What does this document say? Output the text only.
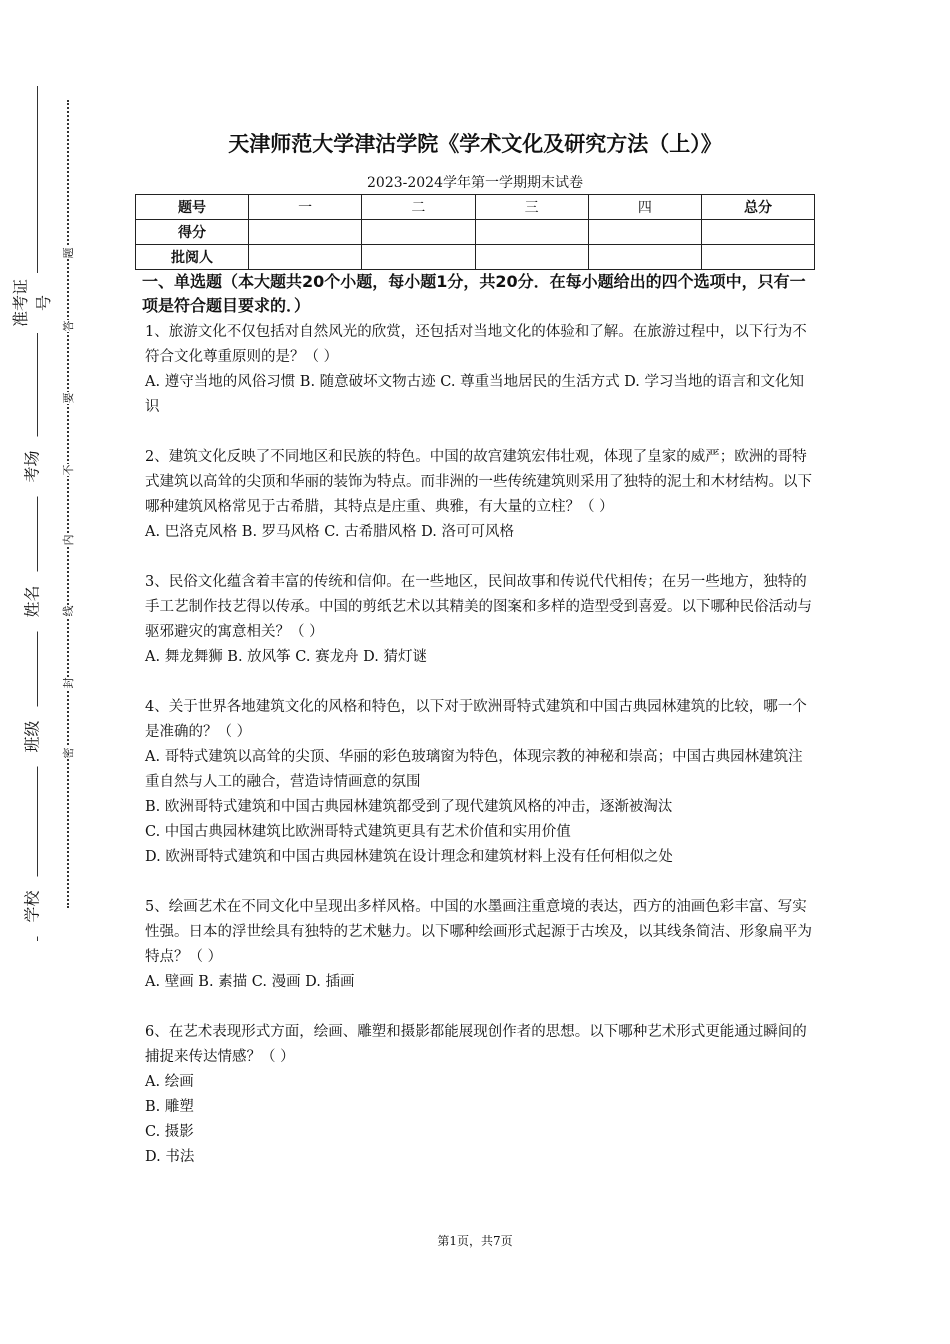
准考证号
考场
姓名
班级
学校
题
答
要
不
内
线
封
密
天津师范大学津沽学院《学术文化及研究方法（上）》
2023-2024学年第一学期期末试卷
题号	一	二	三	四	总分
得分					
批阅人					
一、单选题（本大题共20个小题，每小题1分，共20分．在每小题给出的四个选项中，只有一项是符合题目要求的．）
1、旅游文化不仅包括对自然风光的欣赏，还包括对当地文化的体验和了解。在旅游过程中，以下行为不符合文化尊重原则的是？（ ）
A. 遵守当地的风俗习惯 B. 随意破坏文物古迹 C. 尊重当地居民的生活方式 D. 学习当地的语言和文化知识
2、建筑文化反映了不同地区和民族的特色。中国的故宫建筑宏伟壮观，体现了皇家的威严；欧洲的哥特式建筑以高耸的尖顶和华丽的装饰为特点。而非洲的一些传统建筑则采用了独特的泥土和木材结构。以下哪种建筑风格常见于古希腊，其特点是庄重、典雅，有大量的立柱？（ ）
A. 巴洛克风格 B. 罗马风格 C. 古希腊风格 D. 洛可可风格
3、民俗文化蕴含着丰富的传统和信仰。在一些地区，民间故事和传说代代相传；在另一些地方，独特的手工艺制作技艺得以传承。中国的剪纸艺术以其精美的图案和多样的造型受到喜爱。以下哪种民俗活动与驱邪避灾的寓意相关？（ ）
A. 舞龙舞狮 B. 放风筝 C. 赛龙舟 D. 猜灯谜
4、关于世界各地建筑文化的风格和特色，以下对于欧洲哥特式建筑和中国古典园林建筑的比较，哪一个是准确的？（ ）
A. 哥特式建筑以高耸的尖顶、华丽的彩色玻璃窗为特色，体现宗教的神秘和崇高；中国古典园林建筑注重自然与人工的融合，营造诗情画意的氛围
B. 欧洲哥特式建筑和中国古典园林建筑都受到了现代建筑风格的冲击，逐渐被淘汰
C. 中国古典园林建筑比欧洲哥特式建筑更具有艺术价值和实用价值
D. 欧洲哥特式建筑和中国古典园林建筑在设计理念和建筑材料上没有任何相似之处
5、绘画艺术在不同文化中呈现出多样风格。中国的水墨画注重意境的表达，西方的油画色彩丰富、写实性强。日本的浮世绘具有独特的艺术魅力。以下哪种绘画形式起源于古埃及，以其线条简洁、形象扁平为特点？（ ）
A. 壁画 B. 素描 C. 漫画 D. 插画
6、在艺术表现形式方面，绘画、雕塑和摄影都能展现创作者的思想。以下哪种艺术形式更能通过瞬间的捕捉来传达情感？（ ）
A. 绘画
B. 雕塑
C. 摄影
D. 书法
第1页，共7页
